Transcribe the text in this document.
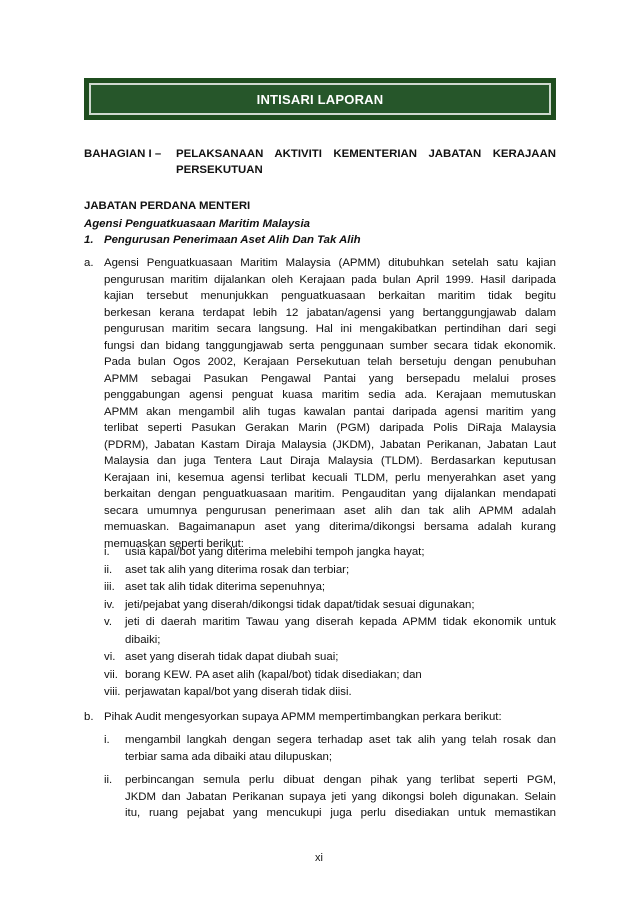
INTISARI LAPORAN
BAHAGIAN I – PELAKSANAAN AKTIVITI KEMENTERIAN JABATAN KERAJAAN
PERSEKUTUAN
JABATAN PERDANA MENTERI
Agensi Penguatkuasaan Maritim Malaysia
1. Pengurusan Penerimaan Aset Alih Dan Tak Alih
a. Agensi Penguatkuasaan Maritim Malaysia (APMM) ditubuhkan setelah satu kajian
pengurusan maritim dijalankan oleh Kerajaan pada bulan April 1999. Hasil daripada
kajian tersebut menunjukkan penguatkuasaan berkaitan maritim tidak begitu
berkesan kerana terdapat lebih 12 jabatan/agensi yang bertanggungjawab dalam
pengurusan maritim secara langsung. Hal ini mengakibatkan pertindihan dari segi
fungsi dan bidang tanggungjawab serta penggunaan sumber secara tidak ekonomik.
Pada bulan Ogos 2002, Kerajaan Persekutuan telah bersetuju dengan penubuhan
APMM sebagai Pasukan Pengawal Pantai yang bersepadu melalui proses
penggabungan agensi penguat kuasa maritim sedia ada. Kerajaan memutuskan
APMM akan mengambil alih tugas kawalan pantai daripada agensi maritim yang
terlibat seperti Pasukan Gerakan Marin (PGM) daripada Polis DiRaja Malaysia
(PDRM), Jabatan Kastam Diraja Malaysia (JKDM), Jabatan Perikanan, Jabatan Laut
Malaysia dan juga Tentera Laut Diraja Malaysia (TLDM). Berdasarkan keputusan
Kerajaan ini, kesemua agensi terlibat kecuali TLDM, perlu menyerahkan aset yang
berkaitan dengan penguatkuasaan maritim. Pengauditan yang dijalankan mendapati
secara umumnya pengurusan penerimaan aset alih dan tak alih APMM adalah
memuaskan. Bagaimanapun aset yang diterima/dikongsi bersama adalah kurang
memuaskan seperti berikut:
i. usia kapal/bot yang diterima melebihi tempoh jangka hayat;
ii. aset tak alih yang diterima rosak dan terbiar;
iii. aset tak alih tidak diterima sepenuhnya;
iv. jeti/pejabat yang diserah/dikongsi tidak dapat/tidak sesuai digunakan;
v. jeti di daerah maritim Tawau yang diserah kepada APMM tidak ekonomik untuk
dibaiki;
vi. aset yang diserah tidak dapat diubah suai;
vii. borang KEW. PA aset alih (kapal/bot) tidak disediakan; dan
viii. perjawatan kapal/bot yang diserah tidak diisi.
b. Pihak Audit mengesyorkan supaya APMM mempertimbangkan perkara berikut:
i. mengambil langkah dengan segera terhadap aset tak alih yang telah rosak dan
terbiar sama ada dibaiki atau dilupuskan;
ii. perbincangan semula perlu dibuat dengan pihak yang terlibat seperti PGM,
JKDM dan Jabatan Perikanan supaya jeti yang dikongsi boleh digunakan. Selain
itu, ruang pejabat yang mencukupi juga perlu disediakan untuk memastikan
xi
